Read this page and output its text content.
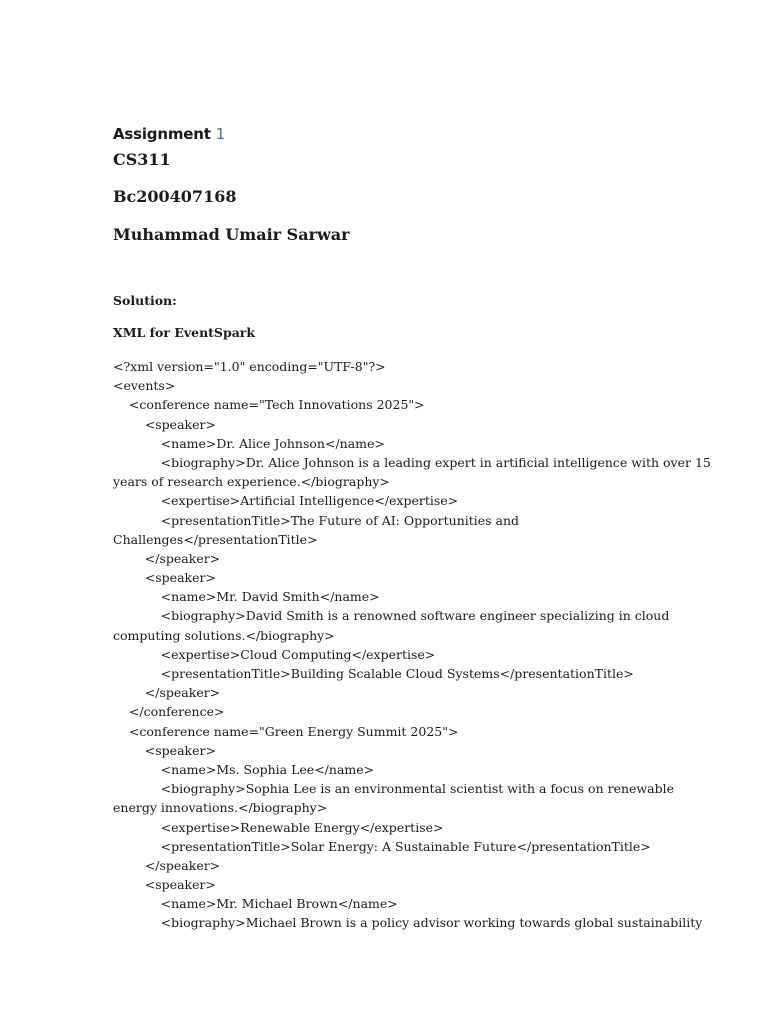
Assignment 1
CS311
Bc200407168
Muhammad Umair Sarwar
Solution:
XML for EventSpark
<?xml version="1.0" encoding="UTF-8"?>
<events>
<conference name="Tech Innovations 2025">
<speaker>
<name>Dr. Alice Johnson</name>
<biography>Dr. Alice Johnson is a leading expert in artificial intelligence with over 15
years of research experience.</biography>
<expertise>Artificial Intelligence</expertise>
<presentationTitle>The Future of AI: Opportunities and
Challenges</presentationTitle>
</speaker>
<speaker>
<name>Mr. David Smith</name>
<biography>David Smith is a renowned software engineer specializing in cloud
computing solutions.</biography>
<expertise>Cloud Computing</expertise>
<presentationTitle>Building Scalable Cloud Systems</presentationTitle>
</speaker>
</conference>
<conference name="Green Energy Summit 2025">
<speaker>
<name>Ms. Sophia Lee</name>
<biography>Sophia Lee is an environmental scientist with a focus on renewable
energy innovations.</biography>
<expertise>Renewable Energy</expertise>
<presentationTitle>Solar Energy: A Sustainable Future</presentationTitle>
</speaker>
<speaker>
<name>Mr. Michael Brown</name>
<biography>Michael Brown is a policy advisor working towards global sustainability
